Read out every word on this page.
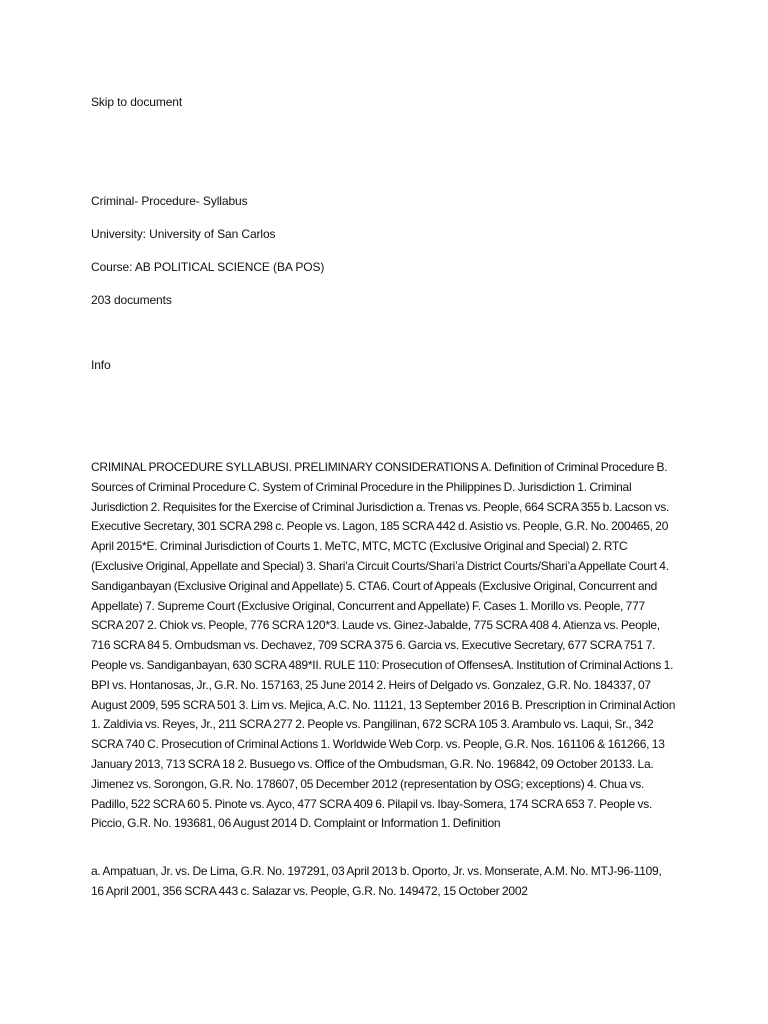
Skip to document
Criminal- Procedure- Syllabus
University: University of San Carlos
Course: AB POLITICAL SCIENCE (BA POS)
203 documents
Info
CRIMINAL PROCEDURE SYLLABUSI. PRELIMINARY CONSIDERATIONS A. Definition of Criminal Procedure B. Sources of Criminal Procedure C. System of Criminal Procedure in the Philippines D. Jurisdiction 1. Criminal Jurisdiction 2. Requisites for the Exercise of Criminal Jurisdiction a. Trenas vs. People, 664 SCRA 355 b. Lacson vs. Executive Secretary, 301 SCRA 298 c. People vs. Lagon, 185 SCRA 442 d. Asistio vs. People, G.R. No. 200465, 20 April 2015*E. Criminal Jurisdiction of Courts 1. MeTC, MTC, MCTC (Exclusive Original and Special) 2. RTC (Exclusive Original, Appellate and Special) 3. Shari’a Circuit Courts/Shari’a District Courts/Shari’a Appellate Court 4. Sandiganbayan (Exclusive Original and Appellate) 5. CTA6. Court of Appeals (Exclusive Original, Concurrent and Appellate) 7. Supreme Court (Exclusive Original, Concurrent and Appellate) F. Cases 1. Morillo vs. People, 777 SCRA 207 2. Chiok vs. People, 776 SCRA 120*3. Laude vs. Ginez-Jabalde, 775 SCRA 408 4. Atienza vs. People, 716 SCRA 84 5. Ombudsman vs. Dechavez, 709 SCRA 375 6. Garcia vs. Executive Secretary, 677 SCRA 751 7. People vs. Sandiganbayan, 630 SCRA 489*II. RULE 110: Prosecution of OffensesA. Institution of Criminal Actions 1. BPI vs. Hontanosas, Jr., G.R. No. 157163, 25 June 2014 2. Heirs of Delgado vs. Gonzalez, G.R. No. 184337, 07 August 2009, 595 SCRA 501 3. Lim vs. Mejica, A.C. No. 11121, 13 September 2016 B. Prescription in Criminal Action 1. Zaldivia vs. Reyes, Jr., 211 SCRA 277 2. People vs. Pangilinan, 672 SCRA 105 3. Arambulo vs. Laqui, Sr., 342 SCRA 740 C. Prosecution of Criminal Actions 1. Worldwide Web Corp. vs. People, G.R. Nos. 161106 & 161266, 13 January 2013, 713 SCRA 18 2. Busuego vs. Office of the Ombudsman, G.R. No. 196842, 09 October 20133. La. Jimenez vs. Sorongon, G.R. No. 178607, 05 December 2012 (representation by OSG; exceptions) 4. Chua vs. Padillo, 522 SCRA 60 5. Pinote vs. Ayco, 477 SCRA 409 6. Pilapil vs. Ibay-Somera, 174 SCRA 653 7. People vs. Piccio, G.R. No. 193681, 06 August 2014 D. Complaint or Information 1. Definition
a. Ampatuan, Jr. vs. De Lima, G.R. No. 197291, 03 April 2013 b. Oporto, Jr. vs. Monserate, A.M. No. MTJ-96-1109, 16 April 2001, 356 SCRA 443 c. Salazar vs. People, G.R. No. 149472, 15 October 2002
